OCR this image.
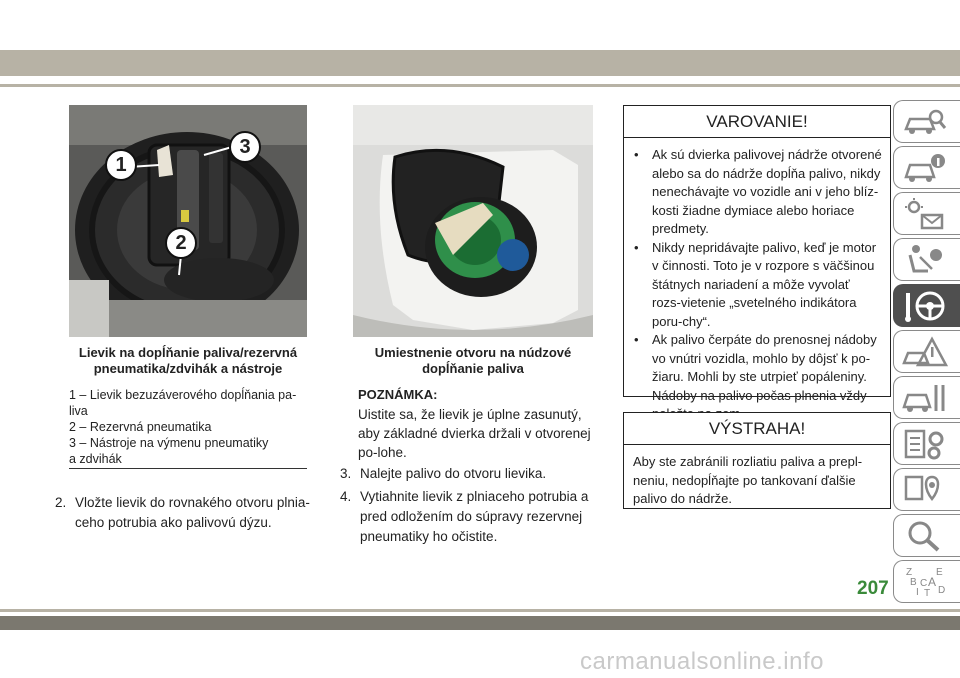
1
2
3
Lievik na dopĺňanie paliva/rezervná pneumatika/zdvihák a nástroje
1 – Lievik bezuzáverového dopĺňania pa-
liva
2 – Rezervná pneumatika
3 – Nástroje na výmenu pneumatiky
a zdvihák
Umiestnenie otvoru na núdzové dopĺňanie paliva
2. Vložte lievik do rovnakého otvoru plnia-ceho potrubia ako palivovú dýzu.
POZNÁMKA:
Uistite sa, že lievik je úplne zasunutý, aby základné dvierka držali v otvorenej po-lohe.
3. Nalejte palivo do otvoru lievika.
4. Vytiahnite lievik z plniaceho potrubia a pred odložením do súpravy rezervnej pneumatiky ho očistite.
VAROVANIE!
• Ak sú dvierka palivovej nádrže otvorené alebo sa do nádrže dopĺňa palivo, nikdy nenechávajte vo vozidle ani v jeho blíz-kosti žiadne dymiace alebo horiace predmety.
• Nikdy nepridávajte palivo, keď je motor v činnosti. Toto je v rozpore s väčšinou štátnych nariadení a môže vyvolať rozs-vietenie „svetelného indikátora poru-chy“.
• Ak palivo čerpáte do prenosnej nádoby vo vnútri vozidla, mohlo by dôjsť k po-žiaru. Mohli by ste utrpieť popáleniny. Nádoby na palivo počas plnenia vždy
VÝSTRAHA!
Aby ste zabránili rozliatiu paliva a prepl-neniu, nedopĺňajte po tankovaní ďalšie palivo do nádrže.
Z E
B A
I
C
D
T
207
carmanualsonline.info
